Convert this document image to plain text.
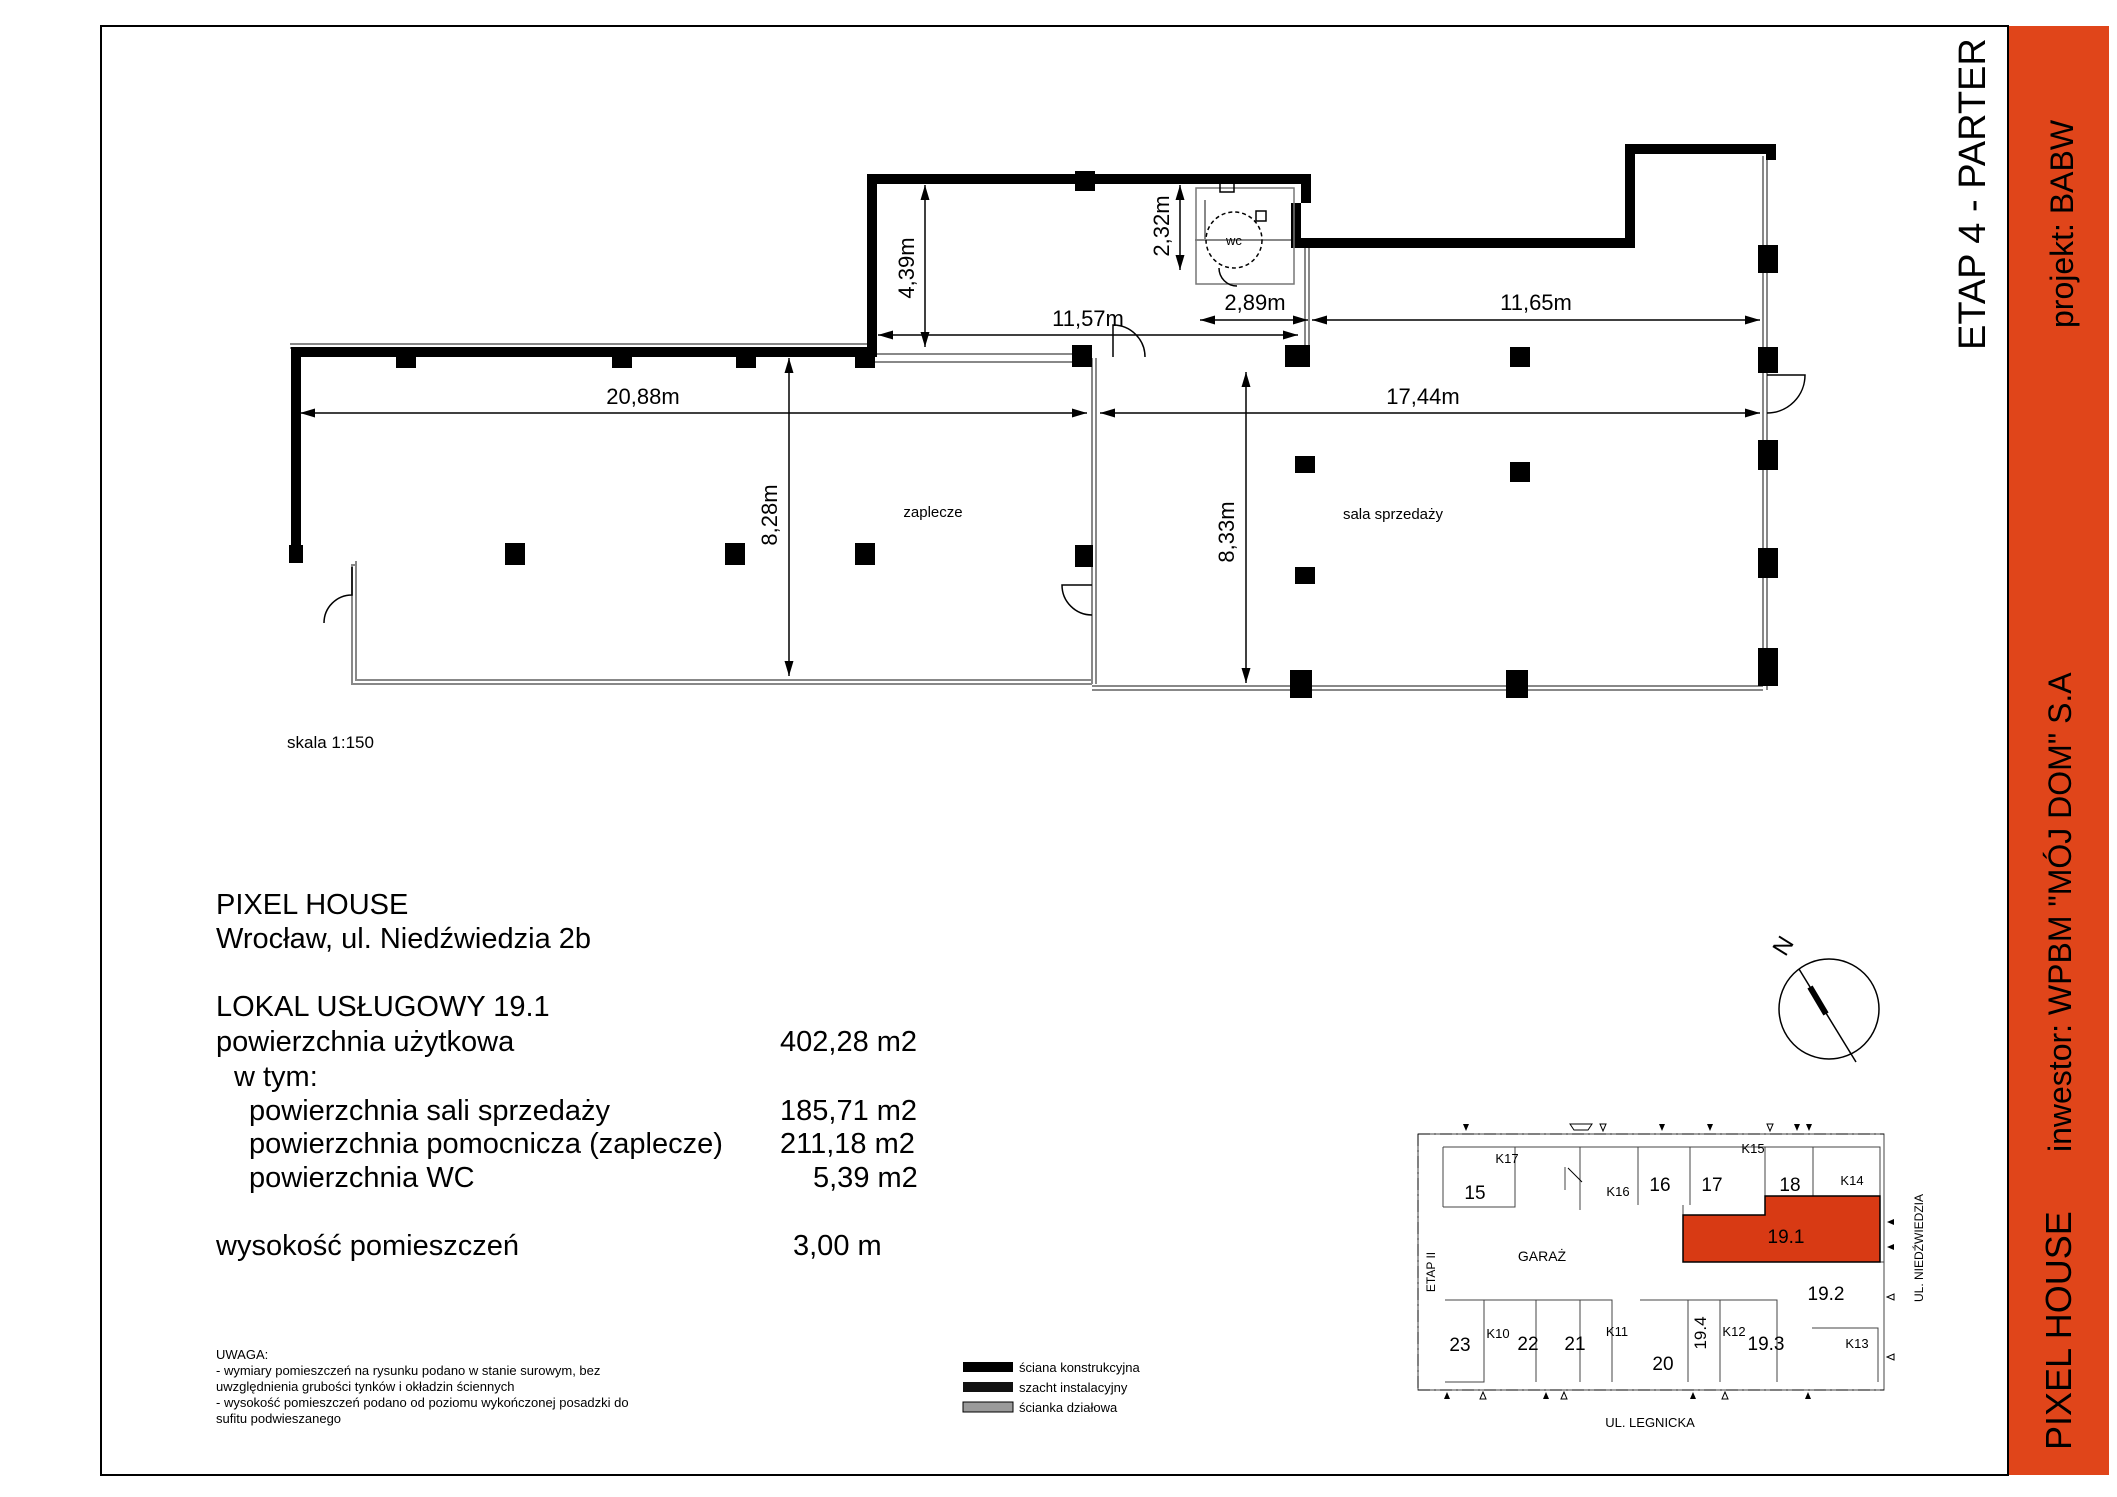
20,88m	17,44m
11,57m
2,89m	11,65m
4,39m
2,32m
8,28m	8,33m
zaplecze	sala sprzedaży
wc
skala 1:150
N
15	16 17	18
19.1
19.2
19.3
19.4
20
21
22
23
K10	K11	K12
K13
K14
K15
K16
K17
GARAŻ
ETAP II	UL. NIEDŹWIEDZIA
UL. LEGNICKA
ściana konstrukcyjna
szacht instalacyjny
ścianka działowa
PIXEL HOUSE
Wrocław, ul. Niedźwiedzia 2b
LOKAL USŁUGOWY 19.1
powierzchnia użytkowa	402,28 m2
w tym:
powierzchnia sali sprzedaży	185,71 m2
powierzchnia pomocnicza (zaplecze) 211,18 m2
powierzchnia WC	5,39 m2
wysokość pomieszczeń	3,00 m
UWAGA:
- wymiary pomieszczeń na rysunku podano w stanie surowym, bez
uwzględnienia grubości tynków i okładzin ściennych
- wysokość pomieszczeń podano od poziomu wykończonej posadzki do
sufitu podwieszanego
ETAP 4 - PARTER projekt: BABW
inwestor: WPBM "MÓJ DOM" S.A
PIXEL HOUSE
